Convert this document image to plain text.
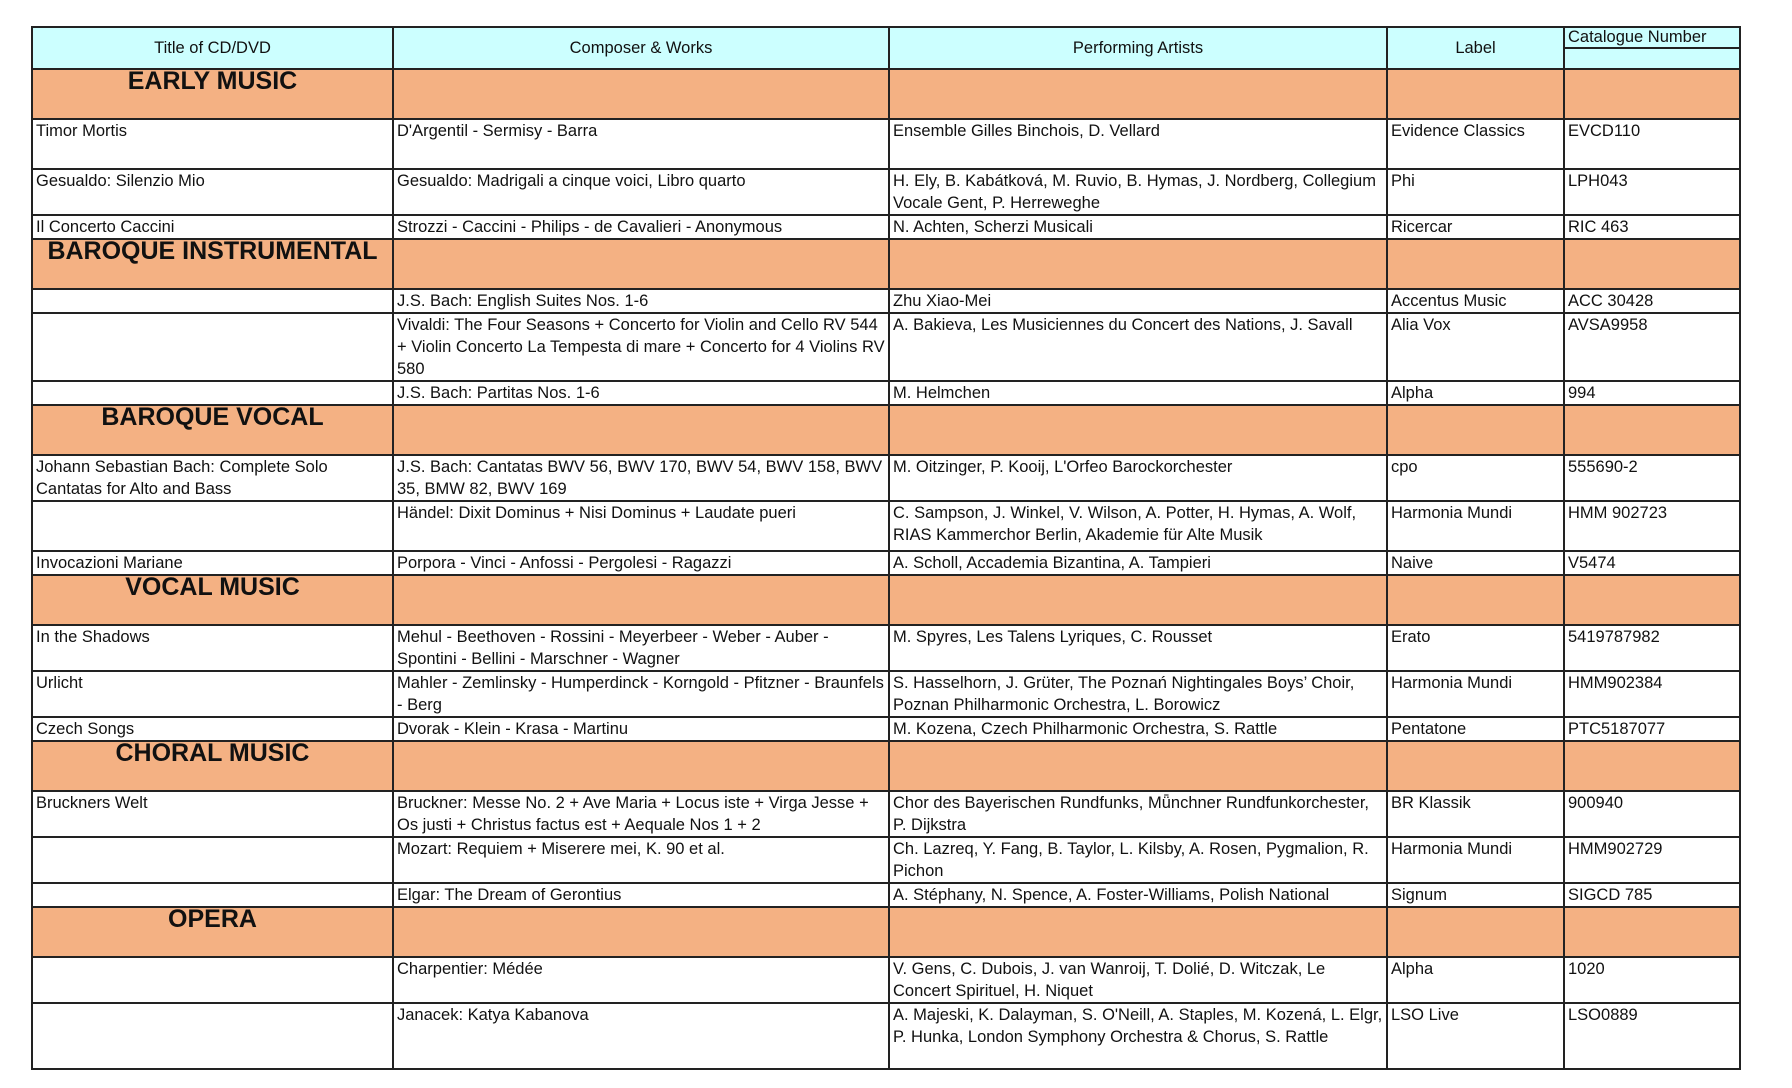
Title of CD/DVD	Composer & Works	Performing Artists	Label	Catalogue Number

EARLY MUSIC				
Timor Mortis	D'Argentil - Sermisy - Barra	Ensemble Gilles Binchois, D. Vellard	Evidence Classics	EVCD110
Gesualdo: Silenzio Mio	Gesualdo: Madrigali a cinque voici, Libro quarto	H. Ely, B. Kabátková, M. Ruvio, B. Hymas, J. Nordberg, Collegium Vocale Gent, P. Herreweghe	Phi	LPH043
Il Concerto Caccini	Strozzi - Caccini - Philips - de Cavalieri - Anonymous	N. Achten, Scherzi Musicali	Ricercar	RIC 463
BAROQUE INSTRUMENTAL				
	J.S. Bach: English Suites Nos. 1-6	Zhu Xiao-Mei	Accentus Music	ACC 30428
	Vivaldi: The Four Seasons + Concerto for Violin and Cello RV 544 + Violin Concerto La Tempesta di mare + Concerto for 4 Violins RV 580	A. Bakieva, Les Musiciennes du Concert des Nations, J. Savall	Alia Vox	AVSA9958
	J.S. Bach: Partitas Nos. 1-6	M. Helmchen	Alpha	994
BAROQUE VOCAL				
Johann Sebastian Bach: Complete Solo Cantatas for Alto and Bass	J.S. Bach: Cantatas BWV 56, BWV 170, BWV 54, BWV 158, BWV 35, BMW 82, BWV 169	M. Oitzinger, P. Kooij, L'Orfeo Barockorchester	cpo	555690-2
	Händel: Dixit Dominus + Nisi Dominus + Laudate pueri	C. Sampson, J. Winkel, V. Wilson, A. Potter, H. Hymas, A. Wolf, RIAS Kammerchor Berlin, Akademie für Alte Musik	Harmonia Mundi	HMM 902723
Invocazioni Mariane	Porpora - Vinci - Anfossi - Pergolesi - Ragazzi	A. Scholl, Accademia Bizantina, A. Tampieri	Naive	V5474
VOCAL MUSIC				
In the Shadows	Mehul - Beethoven - Rossini - Meyerbeer - Weber - Auber - Spontini - Bellini - Marschner - Wagner	M. Spyres, Les Talens Lyriques, C. Rousset	Erato	5419787982
Urlicht	Mahler - Zemlinsky - Humperdinck - Korngold - Pfitzner - Braunfels - Berg	S. Hasselhorn, J. Grüter, The Poznań Nightingales Boys’ Choir, Poznan Philharmonic Orchestra, L. Borowicz	Harmonia Mundi	HMM902384
Czech Songs	Dvorak - Klein - Krasa - Martinu	M. Kozena, Czech Philharmonic Orchestra, S. Rattle	Pentatone	PTC5187077
CHORAL MUSIC				
Bruckners Welt	Bruckner: Messe No. 2 + Ave Maria + Locus iste + Virga Jesse + Os justi + Christus factus est + Aequale Nos 1 + 2	Chor des Bayerischen Rundfunks, Mǖnchner Rundfunkorchester, P. Dijkstra	BR Klassik	900940
	Mozart: Requiem + Miserere mei, K. 90 et al.	Ch. Lazreq, Y. Fang, B. Taylor, L. Kilsby, A. Rosen, Pygmalion, R. Pichon	Harmonia Mundi	HMM902729
	Elgar: The Dream of Gerontius	A. Stéphany, N. Spence, A. Foster-Williams, Polish National	Signum	SIGCD 785
OPERA				
	Charpentier: Médée	V. Gens, C. Dubois, J. van Wanroij, T. Dolié, D. Witczak, Le Concert Spirituel, H. Niquet	Alpha	1020
	Janacek: Katya Kabanova	A. Majeski, K. Dalayman, S. O'Neill, A. Staples, M. Kozená, L. Elgr, P. Hunka, London Symphony Orchestra & Chorus, S. Rattle	LSO Live	LSO0889
